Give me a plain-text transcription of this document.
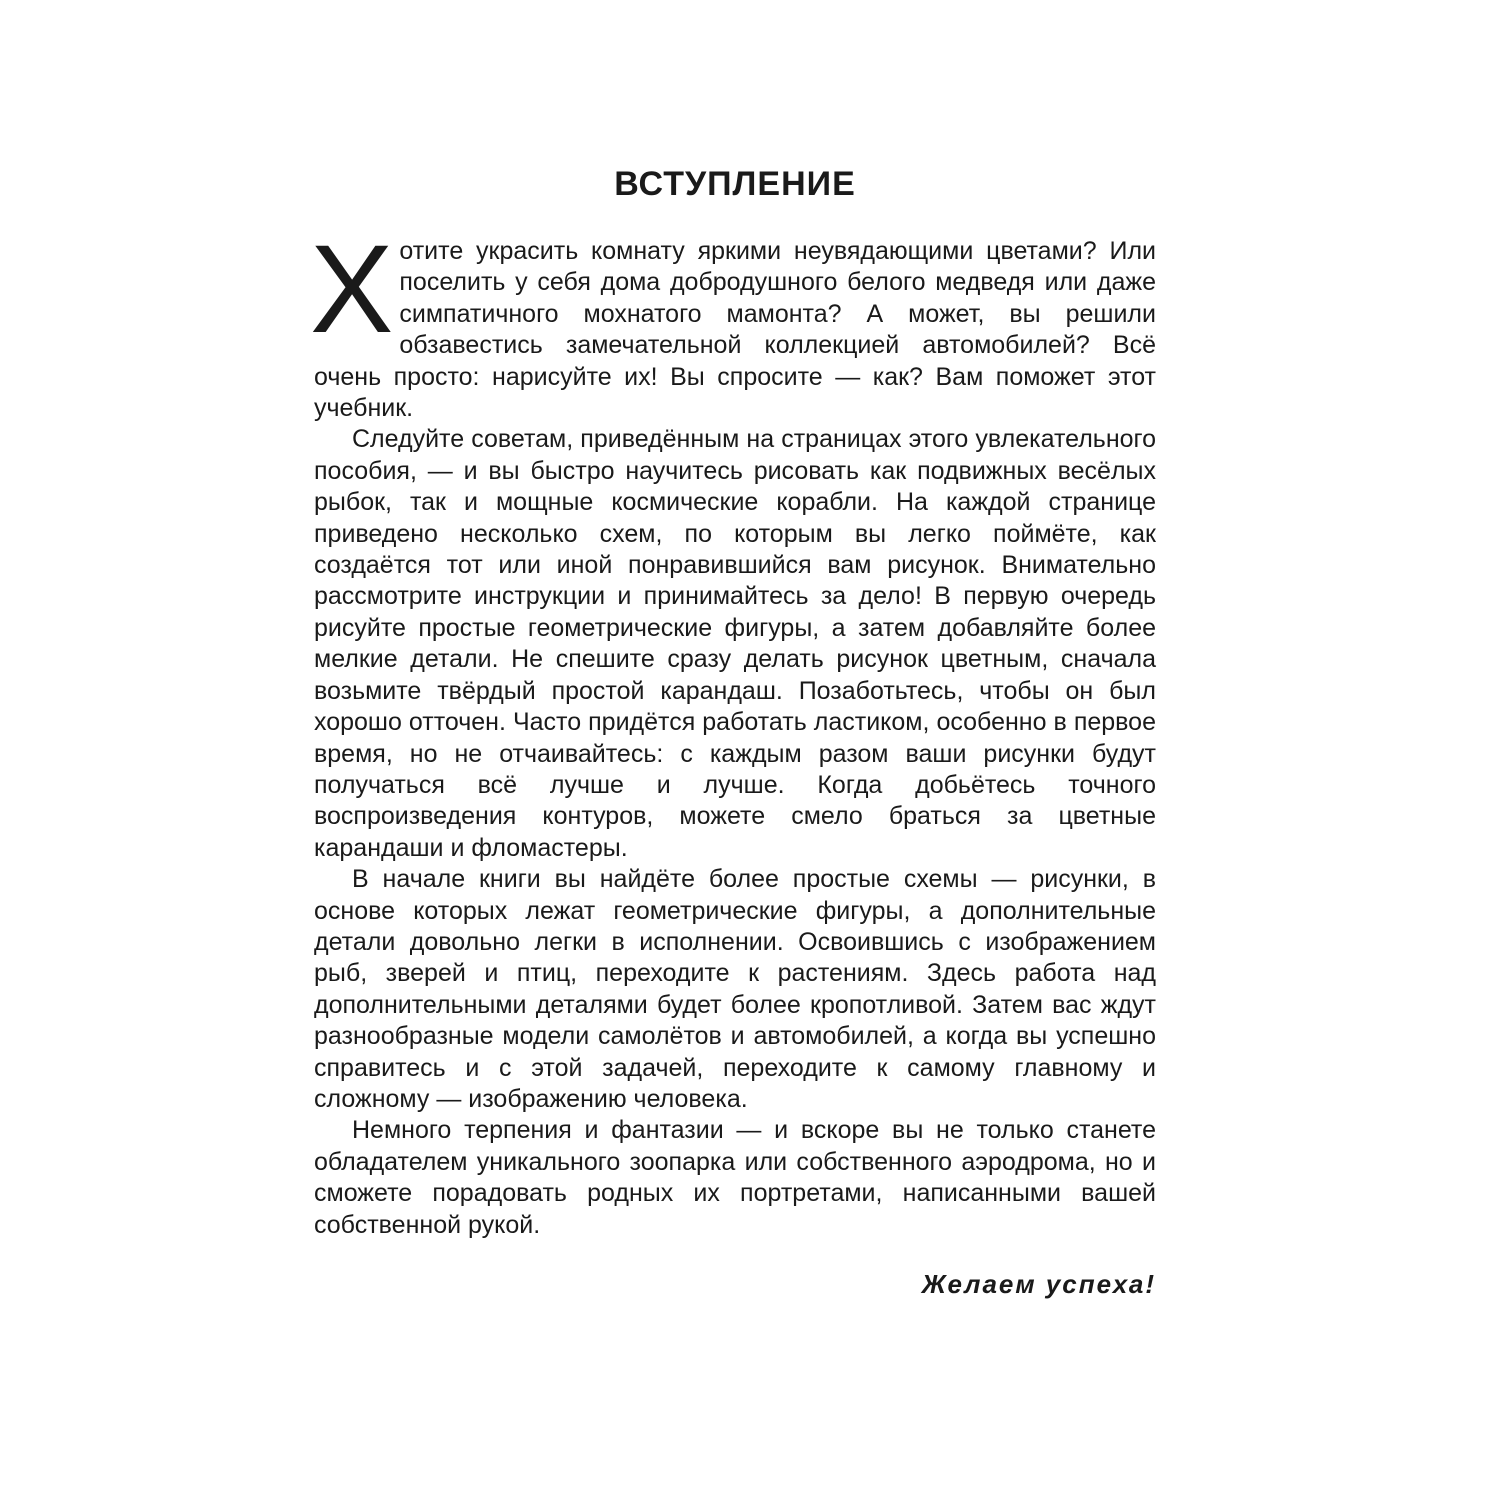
ВСТУПЛЕНИЕ

Хотите украсить комнату яркими неувядающими цветами? Или поселить у себя дома добродушного белого медведя или даже симпатичного мохнатого мамонта? А может, вы решили обзавестись замечательной коллекцией автомобилей? Всё очень просто: нарисуйте их! Вы спросите — как? Вам поможет этот учебник.

Следуйте советам, приведённым на страницах этого увлекательного пособия, — и вы быстро научитесь рисовать как подвижных весёлых рыбок, так и мощные космические корабли. На каждой странице приведено несколько схем, по которым вы легко поймёте, как создаётся тот или иной понравившийся вам рисунок. Внимательно рассмотрите инструкции и принимайтесь за дело! В первую очередь рисуйте простые геометрические фигуры, а затем добавляйте более мелкие детали. Не спешите сразу делать рисунок цветным, сначала возьмите твёрдый простой карандаш. Позаботьтесь, чтобы он был хорошо отточен. Часто придётся работать ластиком, особенно в первое время, но не отчаивайтесь: с каждым разом ваши рисунки будут получаться всё лучше и лучше. Когда добьётесь точного воспроизведения контуров, можете смело браться за цветные карандаши и фломастеры.

В начале книги вы найдёте более простые схемы — рисунки, в основе которых лежат геометрические фигуры, а дополнительные детали довольно легки в исполнении. Освоившись с изображением рыб, зверей и птиц, переходите к растениям. Здесь работа над дополнительными деталями будет более кропотливой. Затем вас ждут разнообразные модели самолётов и автомобилей, а когда вы успешно справитесь и с этой задачей, переходите к самому главному и сложному — изображению человека.

Немного терпения и фантазии — и вскоре вы не только станете обладателем уникального зоопарка или собственного аэродрома, но и сможете порадовать родных их портретами, написанными вашей собственной рукой.

Желаем успеха!
